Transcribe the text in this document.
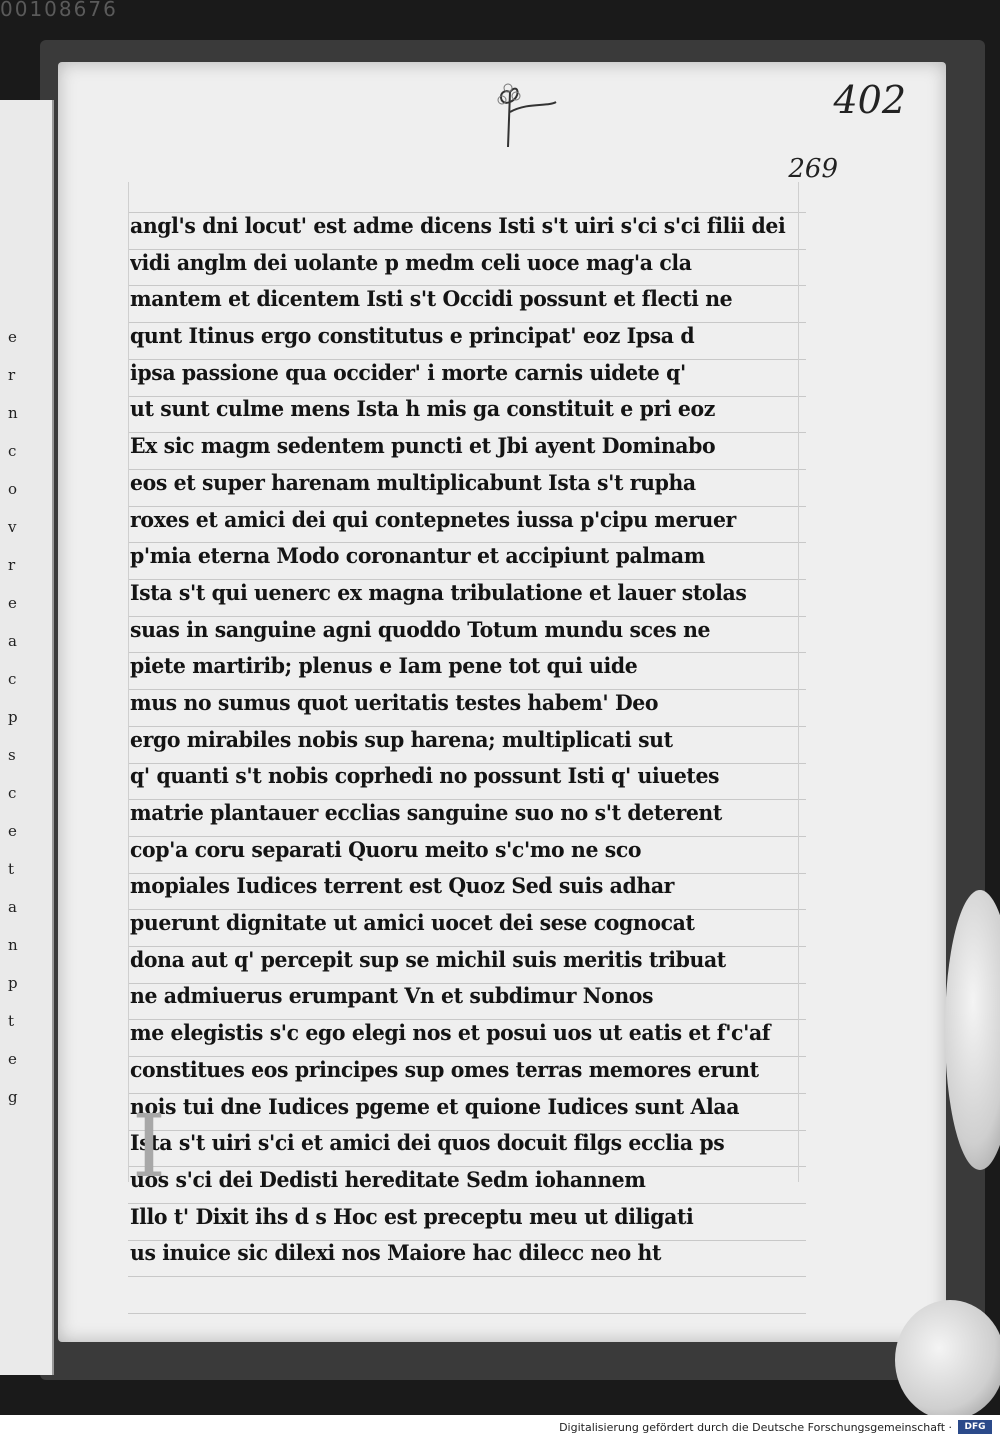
00108676
e
r
n
c
o
v
r
e
a
c
p
s
c
e
t
a
n
p
t
e
g
402
269
angl's dni locut' est adme dicens Isti s't uiri s'ci s'ci filii dei
vidi anglm dei uolante p medm celi uoce mag'a cla
mantem et dicentem Isti s't Occidi possunt et flecti ne
qunt Itinus ergo constitutus e principat' eoz Ipsa d
ipsa passione qua occider' i morte carnis uidete q'
ut sunt culme mens Ista h mis ga constituit e pri eoz
Ex sic magm sedentem puncti et Jbi ayent Dominabo
eos et super harenam multiplicabunt Ista s't rupha
roxes et amici dei qui contepnetes iussa p'cipu meruer
p'mia eterna Modo coronantur et accipiunt palmam
Ista s't qui uenerc ex magna tribulatione et lauer stolas
suas in sanguine agni quoddo Totum mundu sces ne
piete martirib; plenus e Iam pene tot qui uide
mus no sumus quot ueritatis testes habem' Deo
ergo mirabiles nobis sup harena; multiplicati sut
q' quanti s't nobis coprhedi no possunt Isti q' uiuetes
matrie plantauer ecclias sanguine suo no s't deterent
cop'a coru separati Quoru meito s'c'mo ne sco
mopiales Iudices terrent est Quoz Sed suis adhar
puerunt dignitate ut amici uocet dei sese cognocat
dona aut q' percepit sup se michil suis meritis tribuat
ne admiuerus erumpant Vn et subdimur Nonos
me elegistis s'c ego elegi nos et posui uos ut eatis et f'c'af
constitues eos principes sup omes terras memores erunt
nois tui dne Iudices pgeme et quione Iudices sunt Alaa
Ista s't uiri s'ci et amici dei quos docuit filgs ecclia ps
uos s'ci dei Dedisti hereditate Sedm iohannem
Illo t' Dixit ihs d s Hoc est preceptu meu ut diligati
us inuice sic dilexi nos Maiore hac dilecc neo ht
I
Digitalisierung gefördert durch die Deutsche Forschungsgemeinschaft ·	DFG
